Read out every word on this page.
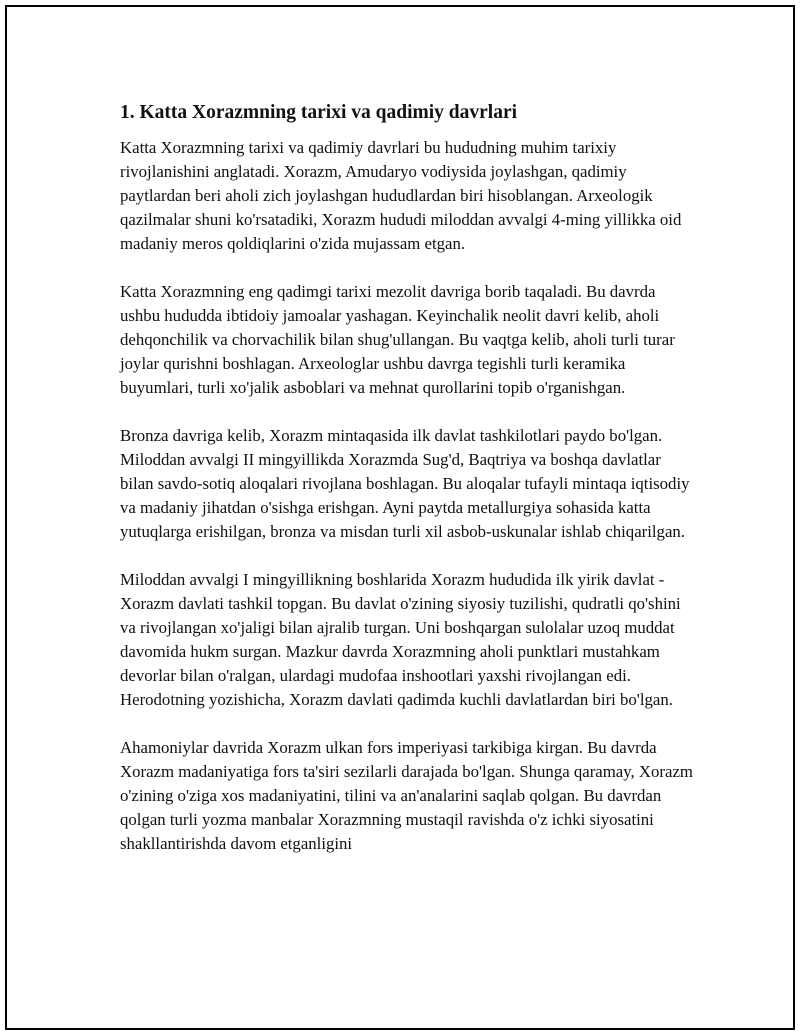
1. Katta Xorazmning tarixi va qadimiy davrlari

Katta Xorazmning tarixi va qadimiy davrlari bu hududning muhim tarixiy rivojlanishini anglatadi. Xorazm, Amudaryo vodiysida joylashgan, qadimiy paytlardan beri aholi zich joylashgan hududlardan biri hisoblangan. Arxeologik qazilmalar shuni ko'rsatadiki, Xorazm hududi miloddan avvalgi 4-ming yillikka oid madaniy meros qoldiqlarini o'zida mujassam etgan.

Katta Xorazmning eng qadimgi tarixi mezolit davriga borib taqaladi. Bu davrda ushbu hududda ibtidoiy jamoalar yashagan. Keyinchalik neolit davri kelib, aholi dehqonchilik va chorvachilik bilan shug'ullangan. Bu vaqtga kelib, aholi turli turar joylar qurishni boshlagan. Arxeologlar ushbu davrga tegishli turli keramika buyumlari, turli xo'jalik asboblari va mehnat qurollarini topib o'rganishgan.

Bronza davriga kelib, Xorazm mintaqasida ilk davlat tashkilotlari paydo bo'lgan. Miloddan avvalgi II mingyillikda Xorazmda Sug'd, Baqtriya va boshqa davlatlar bilan savdo-sotiq aloqalari rivojlana boshlagan. Bu aloqalar tufayli mintaqa iqtisodiy va madaniy jihatdan o'sishga erishgan. Ayni paytda metallurgiya sohasida katta yutuqlarga erishilgan, bronza va misdan turli xil asbob-uskunalar ishlab chiqarilgan.

Miloddan avvalgi I mingyillikning boshlarida Xorazm hududida ilk yirik davlat - Xorazm davlati tashkil topgan. Bu davlat o'zining siyosiy tuzilishi, qudratli qo'shini va rivojlangan xo'jaligi bilan ajralib turgan. Uni boshqargan sulolalar uzoq muddat davomida hukm surgan. Mazkur davrda Xorazmning aholi punktlari mustahkam devorlar bilan o'ralgan, ulardagi mudofaa inshootlari yaxshi rivojlangan edi. Herodotning yozishicha, Xorazm davlati qadimda kuchli davlatlardan biri bo'lgan.

Ahamoniylar davrida Xorazm ulkan fors imperiyasi tarkibiga kirgan. Bu davrda Xorazm madaniyatiga fors ta'siri sezilarli darajada bo'lgan. Shunga qaramay, Xorazm o'zining o'ziga xos madaniyatini, tilini va an'analarini saqlab qolgan. Bu davrdan qolgan turli yozma manbalar Xorazmning mustaqil ravishda o'z ichki siyosatini shakllantirishda davom etganligini
